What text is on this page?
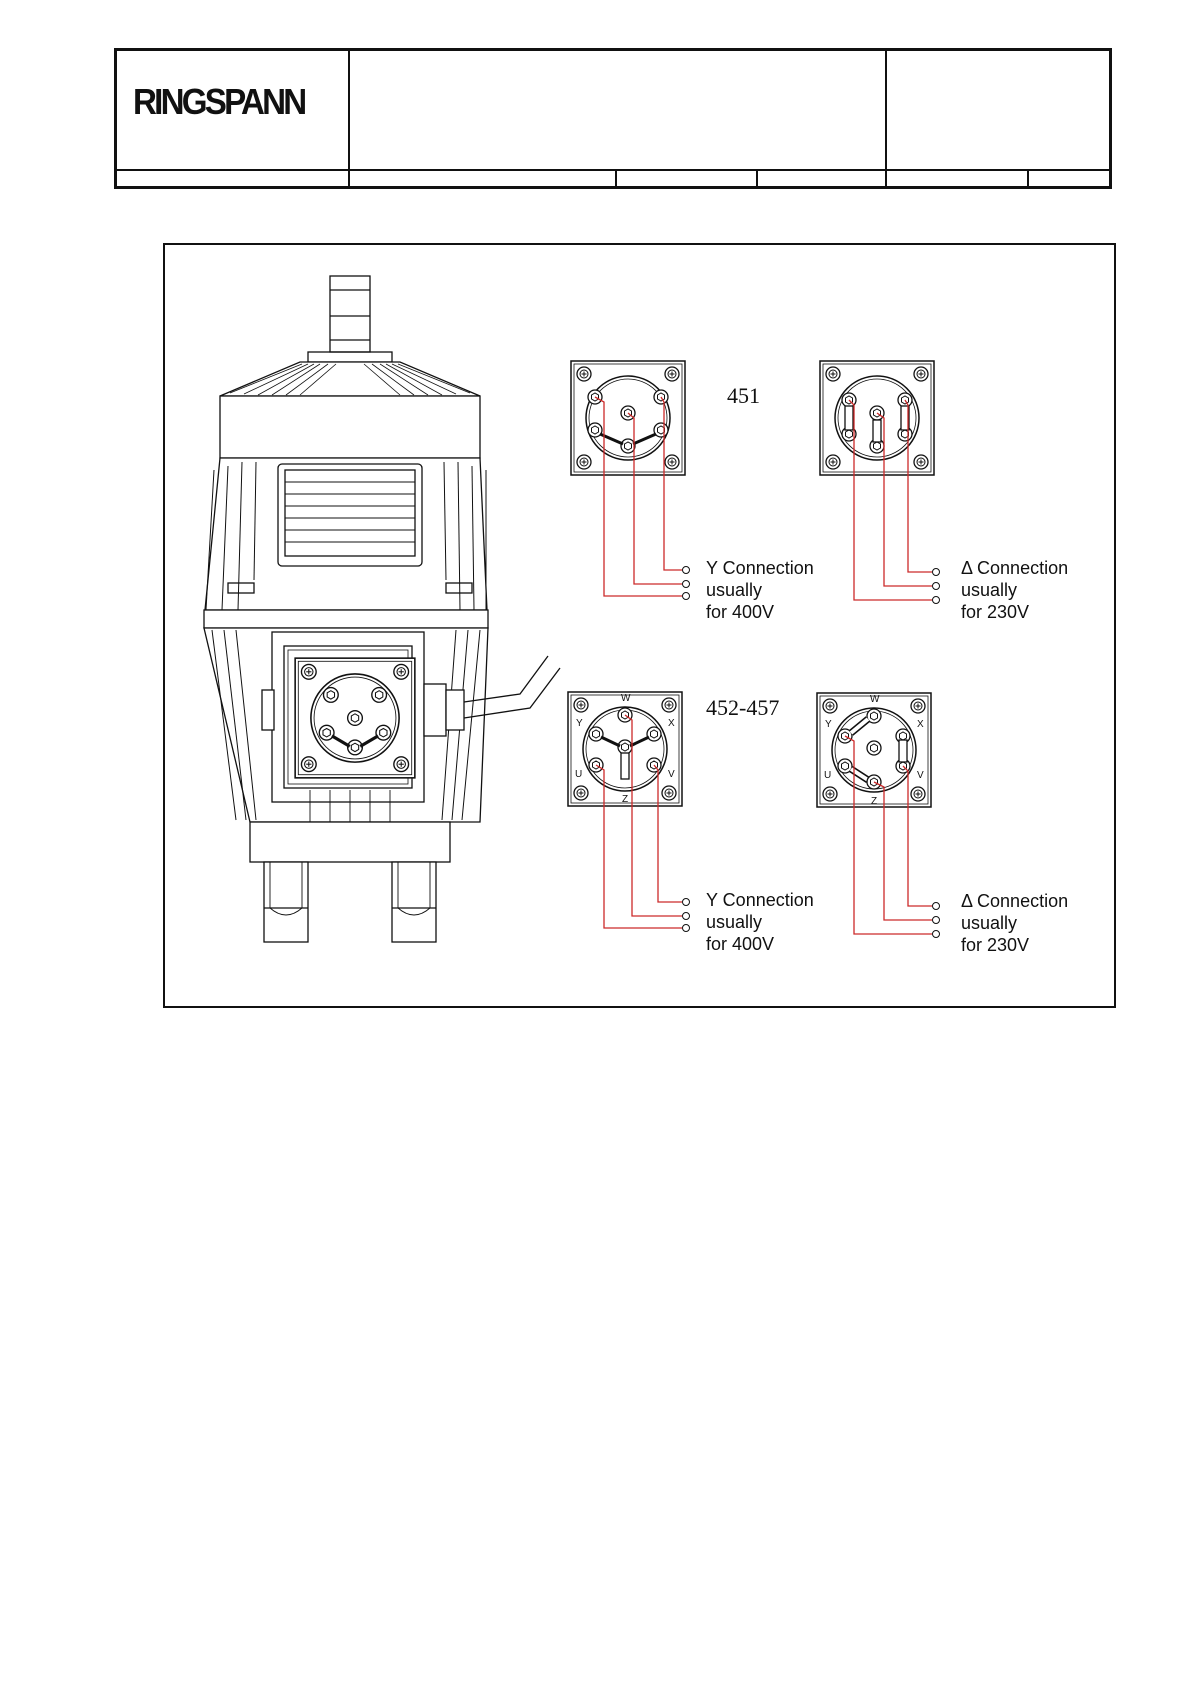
RINGSPANN
451
W
Y	X
U	V
Z
452-457	W
Y	X
U	V
Z
Y Connection
usually
for 400V
Δ Connection
usually
for 230V
Y Connection
usually
for 400V
Δ Connection
usually
for 230V
